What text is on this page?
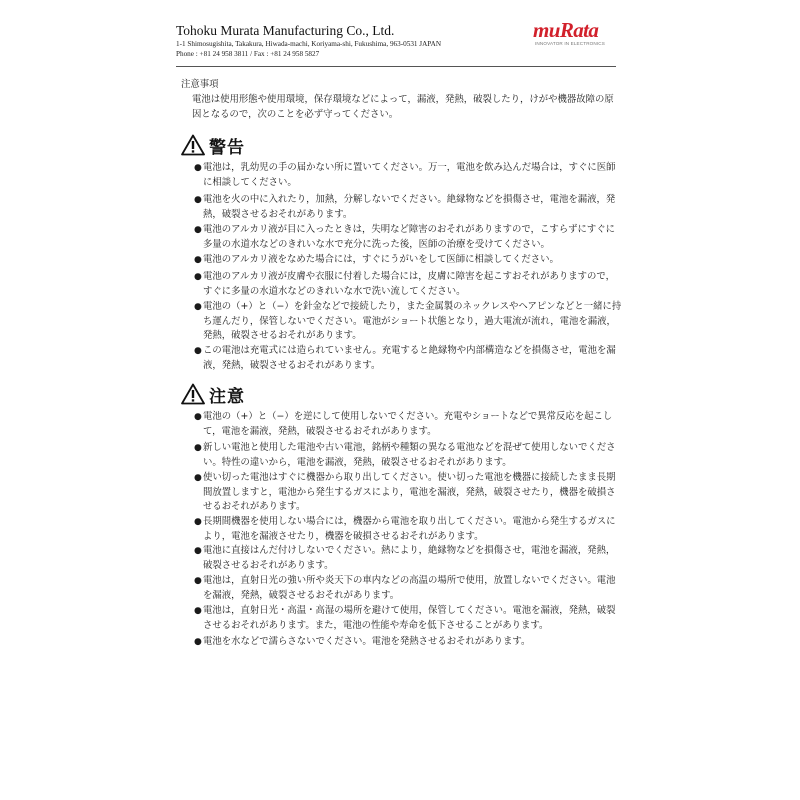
Tohoku Murata Manufacturing Co., Ltd.
1-1 Shimosugishita, Takakura, Hiwada-machi, Koriyama-shi, Fukushima, 963-0531 JAPAN
Phone : +81 24 958 3811 / Fax : +81 24 958 5827
muRata
INNOVATOR IN ELECTRONICS
注意事項
電池は使用形態や使用環境，保存環境などによって，漏液，発熱，破裂したり，けがや機器故障の原因となるので，次のことを必ず守ってください。
警告
● 電池は，乳幼児の手の届かない所に置いてください。万一，電池を飲み込んだ場合は，すぐに医師に相談してください。
● 電池を火の中に入れたり，加熱，分解しないでください。絶縁物などを損傷させ，電池を漏液，発熱，破裂させるおそれがあります。
● 電池のアルカリ液が目に入ったときは，失明など障害のおそれがありますので，こすらずにすぐに多量の水道水などのきれいな水で充分に洗った後，医師の治療を受けてください。
● 電池のアルカリ液をなめた場合には，すぐにうがいをして医師に相談してください。
● 電池のアルカリ液が皮膚や衣服に付着した場合には，皮膚に障害を起こすおそれがありますので，すぐに多量の水道水などのきれいな水で洗い流してください。
● 電池の（+）と（−）を針金などで接続したり，また金属製のネックレスやヘアピンなどと一緒に持ち運んだり，保管しないでください。電池がショート状態となり，過大電流が流れ，電池を漏液，発熱，破裂させるおそれがあります。
● この電池は充電式には造られていません。充電すると絶縁物や内部構造などを損傷させ，電池を漏液，発熱，破裂させるおそれがあります。
注意
● 電池の（+）と（−）を逆にして使用しないでください。充電やショートなどで異常反応を起こして，電池を漏液，発熱，破裂させるおそれがあります。
● 新しい電池と使用した電池や古い電池，銘柄や種類の異なる電池などを混ぜて使用しないでください。特性の違いから，電池を漏液，発熱，破裂させるおそれがあります。
● 使い切った電池はすぐに機器から取り出してください。使い切った電池を機器に接続したまま長期間放置しますと，電池から発生するガスにより，電池を漏液，発熱，破裂させたり，機器を破損させるおそれがあります。
● 長期間機器を使用しない場合には，機器から電池を取り出してください。電池から発生するガスにより，電池を漏液させたり，機器を破損させるおそれがあります。
● 電池に直接はんだ付けしないでください。熱により，絶縁物などを損傷させ，電池を漏液，発熱，破裂させるおそれがあります。
● 電池は，直射日光の強い所や炎天下の車内などの高温の場所で使用，放置しないでください。電池を漏液，発熱，破裂させるおそれがあります。
● 電池は，直射日光・高温・高湿の場所を避けて使用，保管してください。電池を漏液，発熱，破裂させるおそれがあります。また，電池の性能や寿命を低下させることがあります。
● 電池を水などで濡らさないでください。電池を発熱させるおそれがあります。
